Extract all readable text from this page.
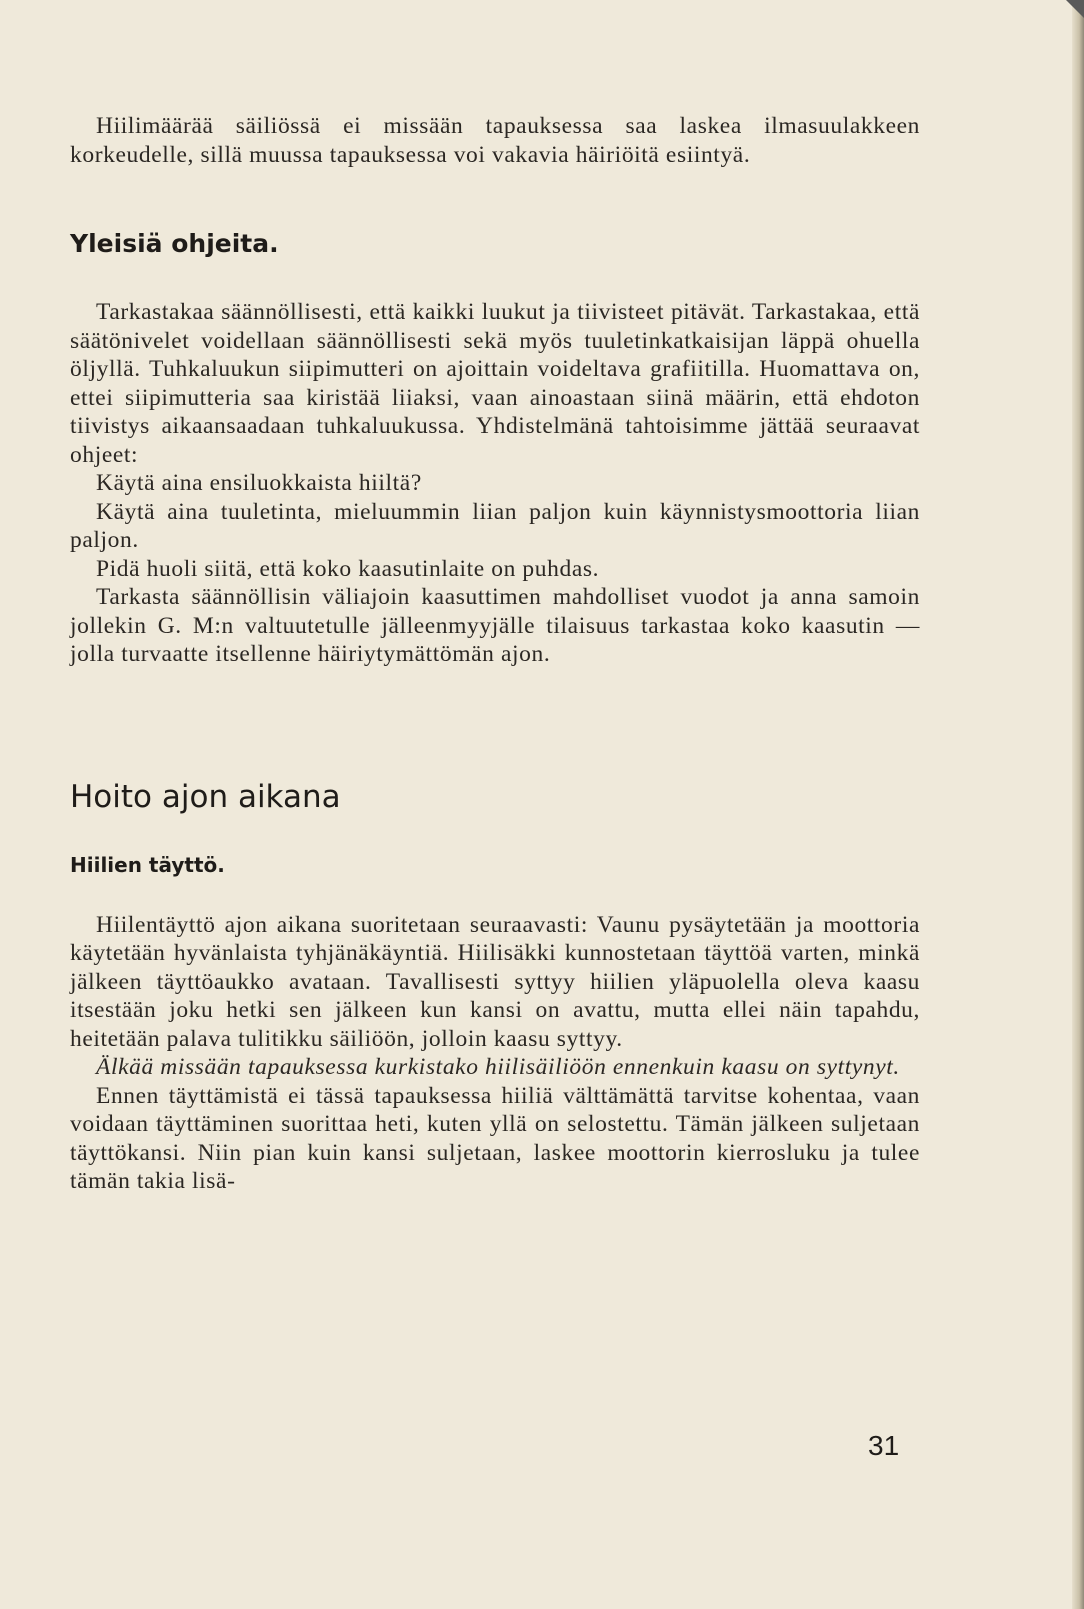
Hiilimäärää säiliössä ei missään tapauksessa saa laskea ilmasuulakkeen korkeudelle, sillä muussa tapauksessa voi vakavia häiriöitä esiintyä.

Yleisiä ohjeita.

Tarkastakaa säännöllisesti, että kaikki luukut ja tiivisteet pitävät. Tarkastakaa, että säätönivelet voidellaan säännöllisesti sekä myös tuuletinkatkaisijan läppä ohuella öljyllä. Tuhkaluukun siipimutteri on ajoittain voideltava grafiitilla. Huomattava on, ettei siipimutteria saa kiristää liiaksi, vaan ainoastaan siinä määrin, että ehdoton tiivistys aikaansaadaan tuhkaluukussa. Yhdistelmänä tahtoisimme jättää seuraavat ohjeet:

Käytä aina ensiluokkaista hiiltä?

Käytä aina tuuletinta, mieluummin liian paljon kuin käynnistysmoottoria liian paljon.

Pidä huoli siitä, että koko kaasutinlaite on puhdas.

Tarkasta säännöllisin väliajoin kaasuttimen mahdolliset vuodot ja anna samoin jollekin G. M:n valtuutetulle jälleenmyyjälle tilaisuus tarkastaa koko kaasutin — jolla turvaatte itsellenne häiriytymättömän ajon.

Hoito ajon aikana
Hiilien täyttö.

Hiilentäyttö ajon aikana suoritetaan seuraavasti: Vaunu pysäytetään ja moottoria käytetään hyvänlaista tyhjänäkäyntiä. Hiilisäkki kunnostetaan täyttöä varten, minkä jälkeen täyttöaukko avataan. Tavallisesti syttyy hiilien yläpuolella oleva kaasu itsestään joku hetki sen jälkeen kun kansi on avattu, mutta ellei näin tapahdu, heitetään palava tulitikku säiliöön, jolloin kaasu syttyy.

Älkää missään tapauksessa kurkistako hiilisäiliöön ennenkuin kaasu on syttynyt.

Ennen täyttämistä ei tässä tapauksessa hiiliä välttämättä tarvitse kohentaa, vaan voidaan täyttäminen suorittaa heti, kuten yllä on selostettu. Tämän jälkeen suljetaan täyttökansi. Niin pian kuin kansi suljetaan, laskee moottorin kierrosluku ja tulee tämän takia lisä-

31
